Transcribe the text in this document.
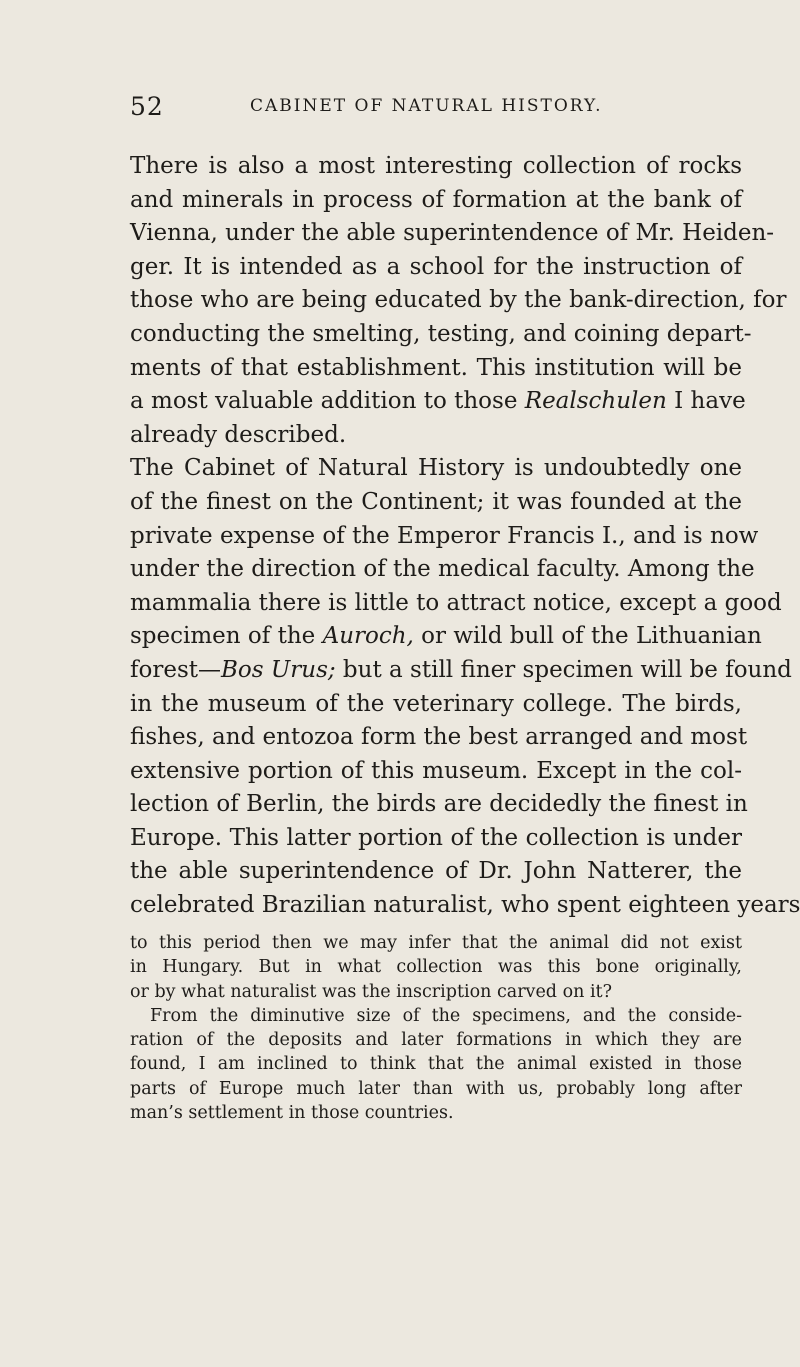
52	CABINET OF NATURAL HISTORY.
There is also a most interesting collection of rocks
and minerals in process of formation at the bank of
Vienna, under the able superintendence of Mr. Heiden-
ger. It is intended as a school for the instruction of
those who are being educated by the bank-direction, for
conducting the smelting, testing, and coining depart-
ments of that establishment. This institution will be
a most valuable addition to those Realschulen I have
already described.
The Cabinet of Natural History is undoubtedly one
of the finest on the Continent; it was founded at the
private expense of the Emperor Francis I., and is now
under the direction of the medical faculty. Among the
mammalia there is little to attract notice, except a good
specimen of the Auroch, or wild bull of the Lithuanian
forest—Bos Urus; but a still finer specimen will be found
in the museum of the veterinary college. The birds,
fishes, and entozoa form the best arranged and most
extensive portion of this museum. Except in the col-
lection of Berlin, the birds are decidedly the finest in
Europe. This latter portion of the collection is under
the able superintendence of Dr. John Natterer, the
celebrated Brazilian naturalist, who spent eighteen years
to this period then we may infer that the animal did not exist
in Hungary. But in what collection was this bone originally,
or by what naturalist was the inscription carved on it?
From the diminutive size of the specimens, and the conside-
ration of the deposits and later formations in which they are
found, I am inclined to think that the animal existed in those
parts of Europe much later than with us, probably long after
man’s settlement in those countries.
